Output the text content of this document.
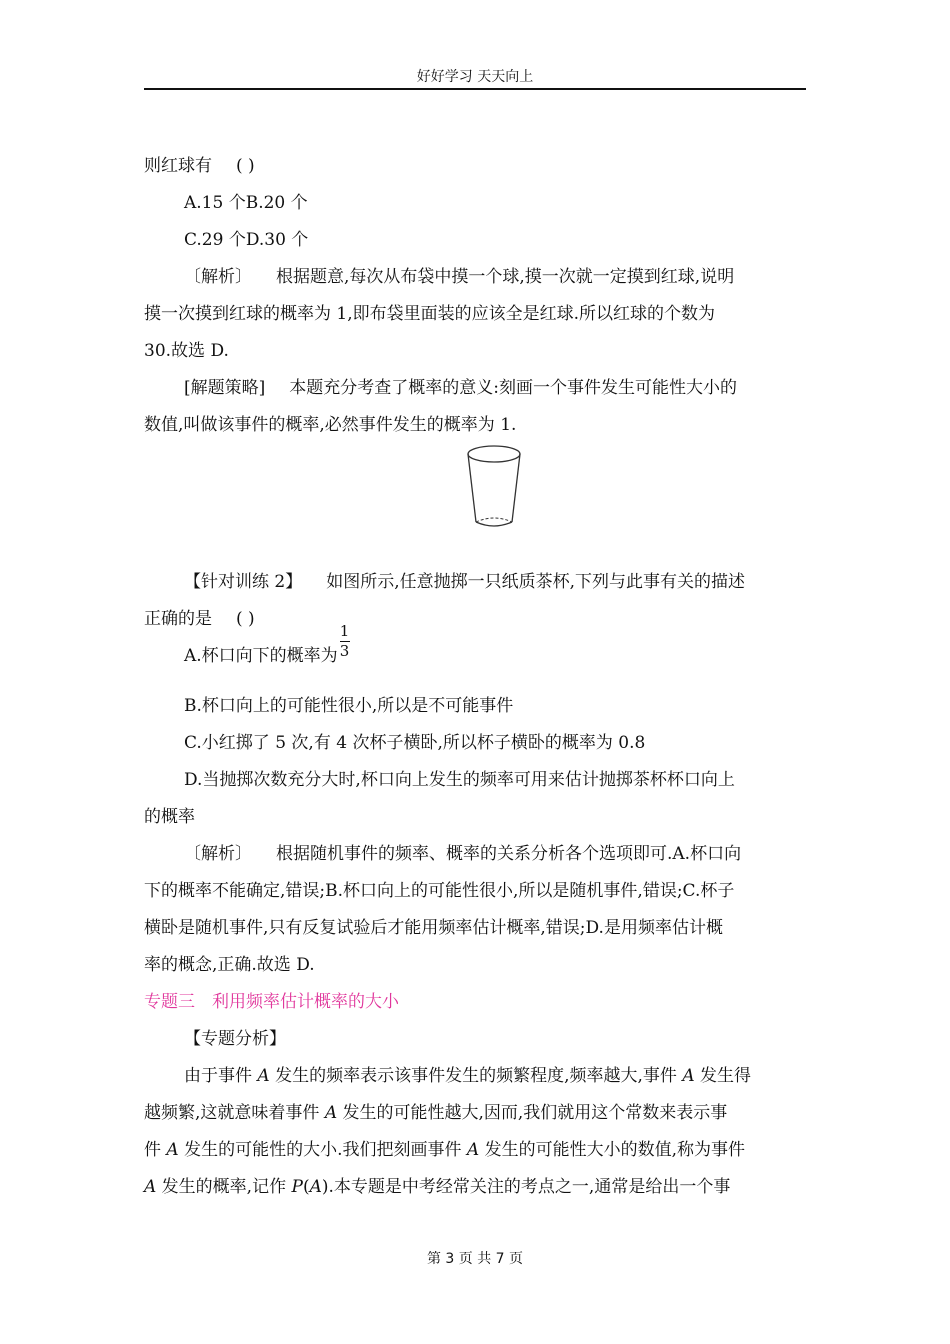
好好学习 天天向上
则红球有 ( )
A.15 个B.20 个
C.29 个D.30 个
〔解析〕 根据题意,每次从布袋中摸一个球,摸一次就一定摸到红球,说明
摸一次摸到红球的概率为 1,即布袋里面装的应该全是红球.所以红球的个数为
30.故选 D.
[解题策略] 本题充分考查了概率的意义:刻画一个事件发生可能性大小的
数值,叫做该事件的概率,必然事件发生的概率为 1.
【针对训练 2】 如图所示,任意抛掷一只纸质茶杯,下列与此事有关的描述
正确的是 ( )
A.杯口向下的概率为 $\frac{1}{3}$
B.杯口向上的可能性很小,所以是不可能事件
C.小红掷了 5 次,有 4 次杯子横卧,所以杯子横卧的概率为 0.8
D.当抛掷次数充分大时,杯口向上发生的频率可用来估计抛掷茶杯杯口向上
的概率
〔解析〕 根据随机事件的频率、概率的关系分析各个选项即可.A.杯口向
下的概率不能确定,错误;B.杯口向上的可能性很小,所以是随机事件,错误;C.杯子
横卧是随机事件,只有反复试验后才能用频率估计概率,错误;D.是用频率估计概
率的概念,正确.故选 D.
专题三　利用频率估计概率的大小
【专题分析】
由于事件 A 发生的频率表示该事件发生的频繁程度,频率越大,事件 A 发生得
越频繁,这就意味着事件 A 发生的可能性越大,因而,我们就用这个常数来表示事
件 A 发生的可能性的大小.我们把刻画事件 A 发生的可能性大小的数值,称为事件
A 发生的概率,记作 P(A).本专题是中考经常关注的考点之一,通常是给出一个事
第 3 页 共 7 页
